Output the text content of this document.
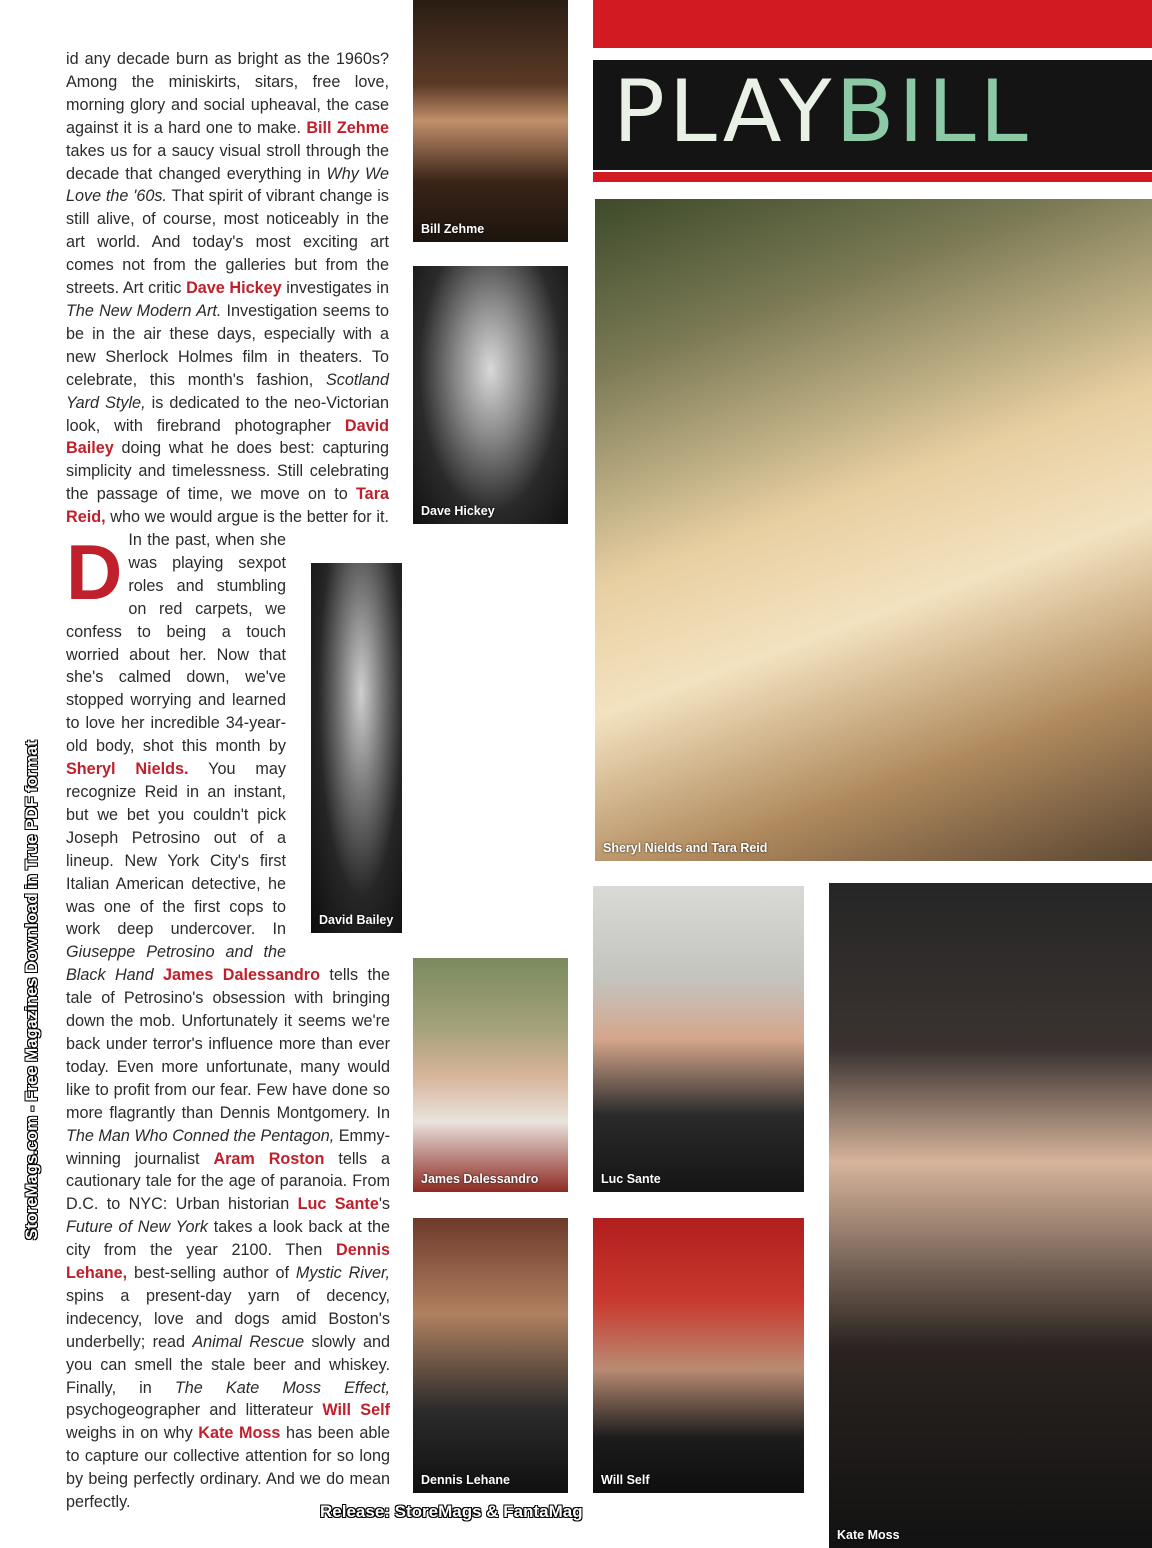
StoreMags.com - Free Magazines Download in True PDF format
D
id any decade burn as bright as the 1960s? Among the miniskirts, sitars, free love, morning glory and social upheaval, the case against it is a hard one to make. Bill Zehme takes us for a saucy visual stroll through the decade that changed everything in Why We Love the '60s. That spirit of vibrant change is still alive, of course, most noticeably in the art world. And today's most exciting art comes not from the galleries but from the streets. Art critic Dave Hickey investigates in The New Modern Art. Investigation seems to be in the air these days, especially with a new Sherlock Holmes film in theaters. To celebrate, this month's fashion, Scotland Yard Style, is dedicated to the neo-Victorian look, with firebrand photographer David Bailey doing what he does best: capturing simplicity and timelessness. Still celebrating the passage of time, we move on to Tara Reid, who we would argue is the better for it. In the past, when she was playing sexpot roles and stumbling on red carpets, we confess to being a touch worried about her. Now that she's calmed down, we've stopped worrying and learned to love her incredible 34-year-old body, shot this month by Sheryl Nields. You may recognize Reid in an instant, but we bet you couldn't pick Joseph Petrosino out of a lineup. New York City's first Italian American detective, he was one of the first cops to work deep undercover. In Giuseppe Petrosino and the Black Hand James Dalessandro tells the tale of Petrosino's obsession with bringing down the mob. Unfortunately it seems we're back under terror's influence more than ever today. Even more unfortunate, many would like to profit from our fear. Few have done so more flagrantly than Dennis Montgomery. In The Man Who Conned the Pentagon, Emmy-winning journalist Aram Roston tells a cautionary tale for the age of paranoia. From D.C. to NYC: Urban historian Luc Sante's Future of New York takes a look back at the city from the year 2100. Then Dennis Lehane, best-selling author of Mystic River, spins a present-day yarn of decency, indecency, love and dogs amid Boston's underbelly; read Animal Rescue slowly and you can smell the stale beer and whiskey. Finally, in The Kate Moss Effect, psychogeographer and litterateur Will Self weighs in on why Kate Moss has been able to capture our collective attention for so long by being perfectly ordinary. And we do mean perfectly.
Bill Zehme
Dave Hickey
David Bailey
PLAYBILL
Sheryl Nields and Tara Reid
James Dalessandro	Luc Sante
Dennis Lehane	Will Self
Kate Moss
Release: StoreMags & FantaMag
